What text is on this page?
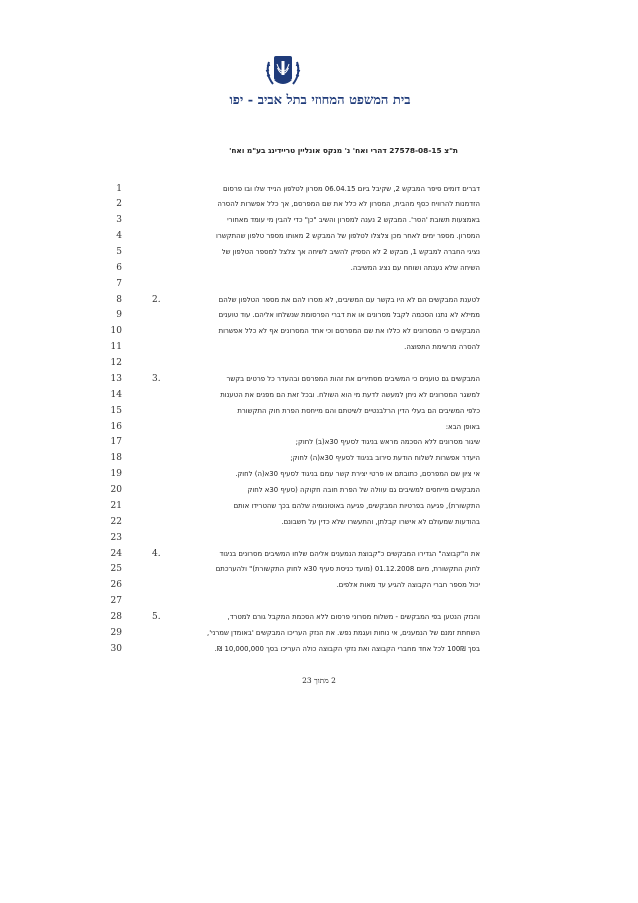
בית המשפט המחוזי בתל אביב - יפו
ת"צ 27578-08-15 דהרי ואח' נ' מנקס אונליין טריידינג בע"מ ואח'
1	דברים דומים סיפר המבקש 2, שקיבל ביום 06.04.15 מסרון לטלפון הנייד שלו ובו פרסום
2	הזדמנות להרוויח כסף מהבית, המסרון לא כלל את שם המפרסם, אך כלל אפשרות להסרה
3	באמצעות תשובת 'הסר'. המבקש 2 נענה למסרון והשיב "כן" כדי להבין מי עומד מאחורי
4	המסרון. מספר ימים לאחר מכן צלצלו לטלפון של המבקש 2 מאותו מספר טלפון שהתקשרו
5	נציגי החברה למבקש 1, מבקש 2 לא הספיק להשיב לשיחה אך צלצל למספר הטלפון של
6	השיחה שלא נענתה ושוחח עם נציג המשיבה.
7
8	2.	לטענת המבקשים הם לא היו בקשר עם המשיבים, לא מסרו להם את מספר הטלפון שלהם
9	ממילא לא נתנו הסכמה לקבל מסרונים או את דברי הפרסומת שנשלחו אליהם. עוד טוענים
10	המבקשים כי המסרונים לא כללו את שם המפרסם וכי אחד המסרונים אף לא כלל אפשרות
11	להסרה מרשימת התפוצה.
12
13	3.	המבקשים גם טוענים כי המשיבים מסתירים את זהות המפרסם ובהעדר כל פרטים בקשר
14	למשגר המסרונים לא ניתן למעשה לדעת מי הוא השולח. ובכל זאת הם מפנים את הטענות
15	כלפי המשיבים הם בעלי הדין הרלבנטיים לשיטתם והם מייחסת הפרת חוק התקשורת
16	באופן הבא:
17	שיגור מסרונים ללא הסכמה מראש בניגוד לסעיף 30א(ב) לחוק;
18	היעדר אפשרות לשלוח הודעת סירוב בניגוד לסעיף 30א(ה) לחוק;
19	אי ציון שם המפרסם, כתובתם או פרטי יצירת קשר עמם בניגוד לסעיף 30א(ה) לחוק.
20	המבקשים מייחסים למשיבים גם עוולה של הפרת חובה חקוקה (סעיף 30א לחוק
21	התקשורת), פגיעה בפרטיות המבקשים, פגיעה באוטונומיה שלהם בכך שהטרידו אותם
22	בהודעות שמעולם לא אישרו קבלתן, והתעשרו שלא כדין על חשבונם.
23
24	4.	את ה"קבוצה" הגדירו המבקשים כ"קבוצת הנמענים אליהם שלחו המשיבים מסרונים בניגוד
25	לחוק התקשורת, מיום 01.12.2008 (מועד כניסת סעיף 30א לחוק התקשורת)" ולהערכתם
26	יכול מספר חברי הקבוצה להגיע עד מאות אלפים.
27
28	5.	והנזק הנטען בפי המבקשים - משלוח מסרוני פרסום ללא הסכמת המקבל גורם למטרד,
29	השחתת זמנם של הנמענים, אי נוחות ועגמת נפש. את הנזק העריכו המבקשים 'באומדן שמרני',
30	בסך 100₪ לכל אחד מחברי הקבוצה ואת נזקי הקבוצה כולה העריכו בסך 10,000,000 ₪.
2 מתוך 23
